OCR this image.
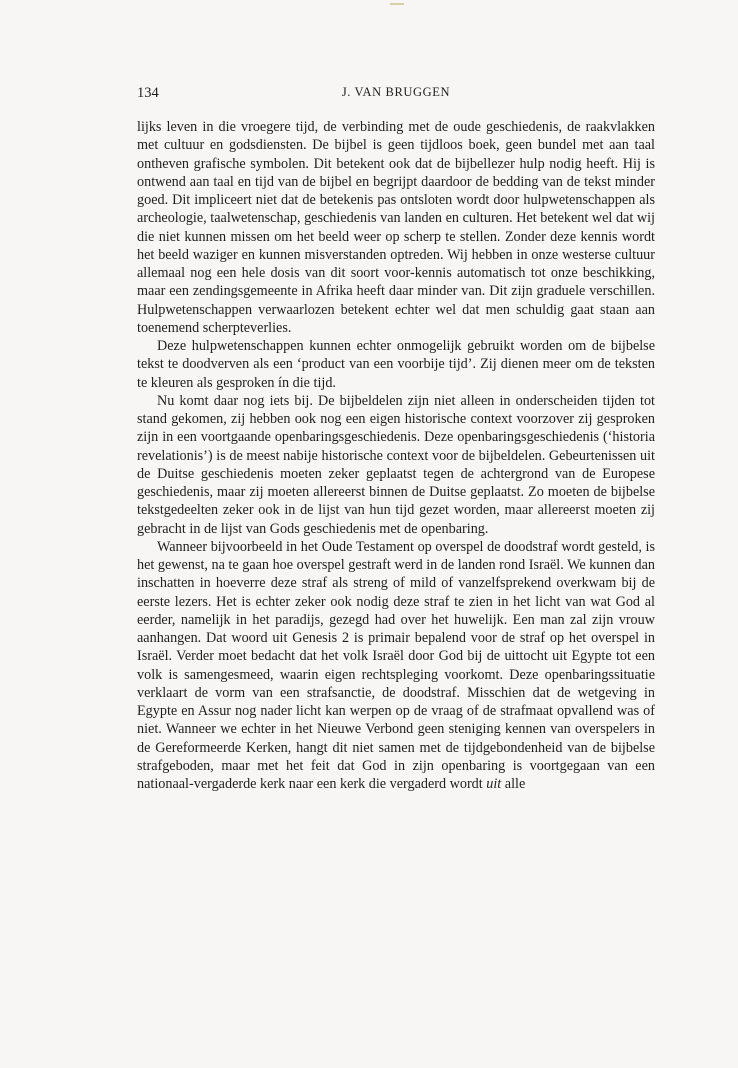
134	J. VAN BRUGGEN

lijks leven in die vroegere tijd, de verbinding met de oude geschiedenis, de raakvlakken met cultuur en godsdiensten. De bijbel is geen tijdloos boek, geen bundel met aan taal ontheven grafische symbolen. Dit betekent ook dat de bijbellezer hulp nodig heeft. Hij is ontwend aan taal en tijd van de bijbel en begrijpt daardoor de bedding van de tekst minder goed. Dit impliceert niet dat de betekenis pas ontsloten wordt door hulpwetenschappen als archeologie, taalwetenschap, geschiedenis van landen en culturen. Het betekent wel dat wij die niet kunnen missen om het beeld weer op scherp te stellen. Zonder deze kennis wordt het beeld waziger en kunnen misverstanden optreden. Wij hebben in onze westerse cultuur allemaal nog een hele dosis van dit soort voor-kennis automatisch tot onze beschikking, maar een zendingsgemeente in Afrika heeft daar minder van. Dit zijn graduele verschillen. Hulpwetenschappen verwaarlozen betekent echter wel dat men schuldig gaat staan aan toenemend scherpteverlies.

Deze hulpwetenschappen kunnen echter onmogelijk gebruikt worden om de bijbelse tekst te doodverven als een ‘product van een voorbije tijd’. Zij dienen meer om de teksten te kleuren als gesproken ín die tijd.

Nu komt daar nog iets bij. De bijbeldelen zijn niet alleen in onderscheiden tijden tot stand gekomen, zij hebben ook nog een eigen historische context voorzover zij gesproken zijn in een voortgaande openbaringsgeschiedenis. Deze openbaringsgeschiedenis (‘historia revelationis’) is de meest nabije historische context voor de bijbeldelen. Gebeurtenissen uit de Duitse geschiedenis moeten zeker geplaatst tegen de achtergrond van de Europese geschiedenis, maar zij moeten allereerst binnen de Duitse geplaatst. Zo moeten de bijbelse tekstgedeelten zeker ook in de lijst van hun tijd gezet worden, maar allereerst moeten zij gebracht in de lijst van Gods geschiedenis met de openbaring.

Wanneer bijvoorbeeld in het Oude Testament op overspel de doodstraf wordt gesteld, is het gewenst, na te gaan hoe overspel gestraft werd in de landen rond Israël. We kunnen dan inschatten in hoeverre deze straf als streng of mild of vanzelfsprekend overkwam bij de eerste lezers. Het is echter zeker ook nodig deze straf te zien in het licht van wat God al eerder, namelijk in het paradijs, gezegd had over het huwelijk. Een man zal zijn vrouw aanhangen. Dat woord uit Genesis 2 is primair bepalend voor de straf op het overspel in Israël. Verder moet bedacht dat het volk Israël door God bij de uittocht uit Egypte tot een volk is samengesmeed, waarin eigen rechtspleging voorkomt. Deze openbaringssituatie verklaart de vorm van een strafsanctie, de doodstraf. Misschien dat de wetgeving in Egypte en Assur nog nader licht kan werpen op de vraag of de strafmaat opvallend was of niet. Wanneer we echter in het Nieuwe Verbond geen steniging kennen van overspelers in de Gereformeerde Kerken, hangt dit niet samen met de tijdgebondenheid van de bijbelse strafgeboden, maar met het feit dat God in zijn openbaring is voortgegaan van een nationaal-vergaderde kerk naar een kerk die vergaderd wordt uit alle
